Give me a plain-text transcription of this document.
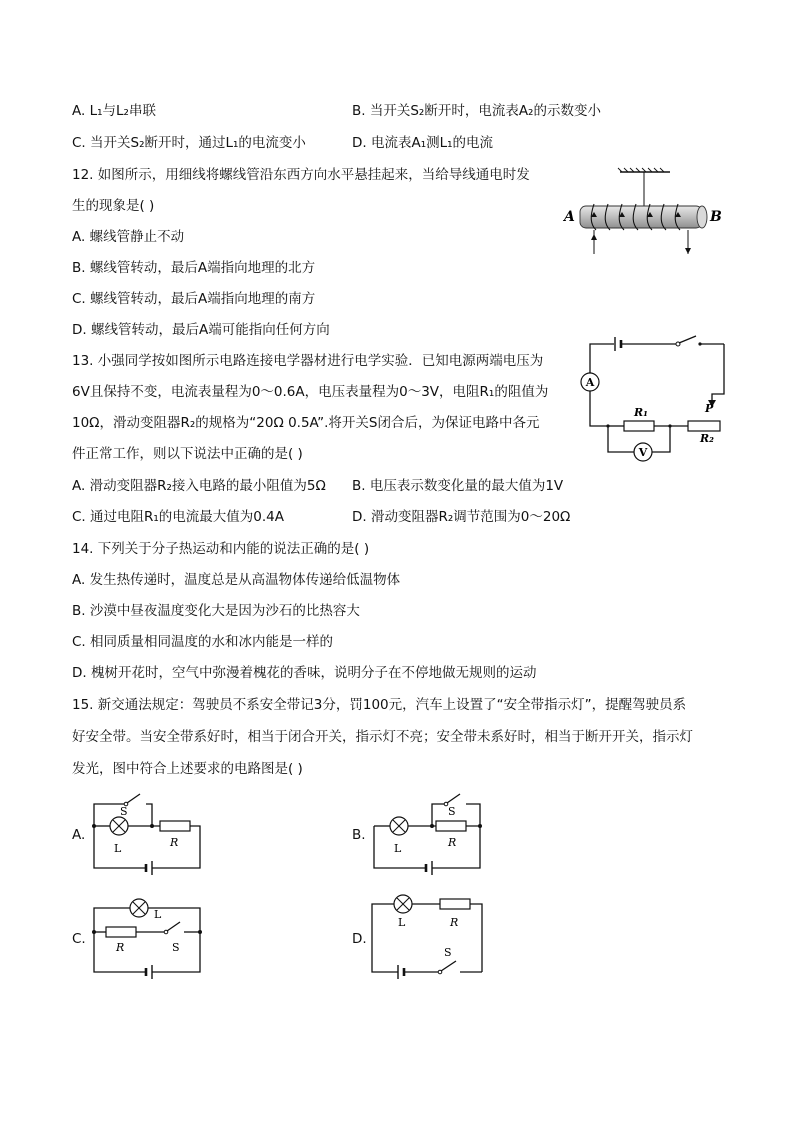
A. L₁与L₂串联	B. 当开关S₂断开时，电流表A₂的示数变小
C. 当开关S₂断开时，通过L₁的电流变小	D. 电流表A₁测L₁的电流
12. 如图所示，用细线将螺线管沿东西方向水平悬挂起来，当给导线通电时发
生的现象是( )
A. 螺线管静止不动
B. 螺线管转动，最后A端指向地理的北方
C. 螺线管转动，最后A端指向地理的南方
D. 螺线管转动，最后A端可能指向任何方向
A	B
13. 小强同学按如图所示电路连接电学器材进行电学实验．已知电源两端电压为
6V且保持不变，电流表量程为0～0.6A，电压表量程为0～3V，电阻R₁的阻值为
10Ω，滑动变阻器R₂的规格为“20Ω 0.5A”.将开关S闭合后，为保证电路中各元
件正常工作，则以下说法中正确的是( )
A. 滑动变阻器R₂接入电路的最小阻值为5Ω B. 电压表示数变化量的最大值为1V
C. 通过电阻R₁的电流最大值为0.4A	D. 滑动变阻器R₂调节范围为0～20Ω
A
R₁
R₂
P
V
14. 下列关于分子热运动和内能的说法正确的是( )
A. 发生热传递时，温度总是从高温物体传递给低温物体
B. 沙漠中昼夜温度变化大是因为沙石的比热容大
C. 相同质量相同温度的水和冰内能是一样的
D. 槐树开花时，空气中弥漫着槐花的香味，说明分子在不停地做无规则的运动
15. 新交通法规定：驾驶员不系安全带记3分，罚100元，汽车上设置了“安全带指示灯”，提醒驾驶员系
好安全带。当安全带系好时，相当于闭合开关，指示灯不亮；安全带未系好时，相当于断开开关，指示灯
发光，图中符合上述要求的电路图是( )
A.	B.
C.	D.
S
L	R
S
L	R
L
R	S
L	R
S
